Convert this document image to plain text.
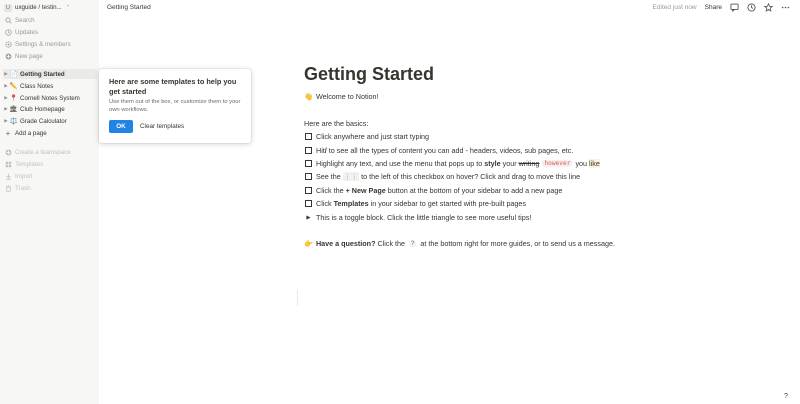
U uxguide / testin... ⌃
Search
Updates
Settings & members
New page
▶ 📄 Getting Started
▶ ✏️ Class Notes
▶ 📍 Cornell Notes System
▶ 🏛 Club Homepage
▶ ⚖️ Grade Calculator
+ Add a page
Create a teamspace
Templates
Import
Trash
Getting Started	Edited just now Share
Here are some templates to help you get started
Use them out of the box, or customize them to your own workflows.
OK	Clear templates
Getting Started
👋 Welcome to Notion!
Here are the basics:
Click anywhere and just start typing
Hit / to see all the types of content you can add - headers, videos, sub pages, etc.
Highlight any text, and use the menu that pops up to style your writing however you like
See the ⋮⋮ to the left of this checkbox on hover? Click and drag to move this line
Click the + New Page button at the bottom of your sidebar to add a new page
Click Templates in your sidebar to get started with pre-built pages
▶ This is a toggle block. Click the little triangle to see more useful tips!
👉 Have a question? Click the ? at the bottom right for more guides, or to send us a message.
?
